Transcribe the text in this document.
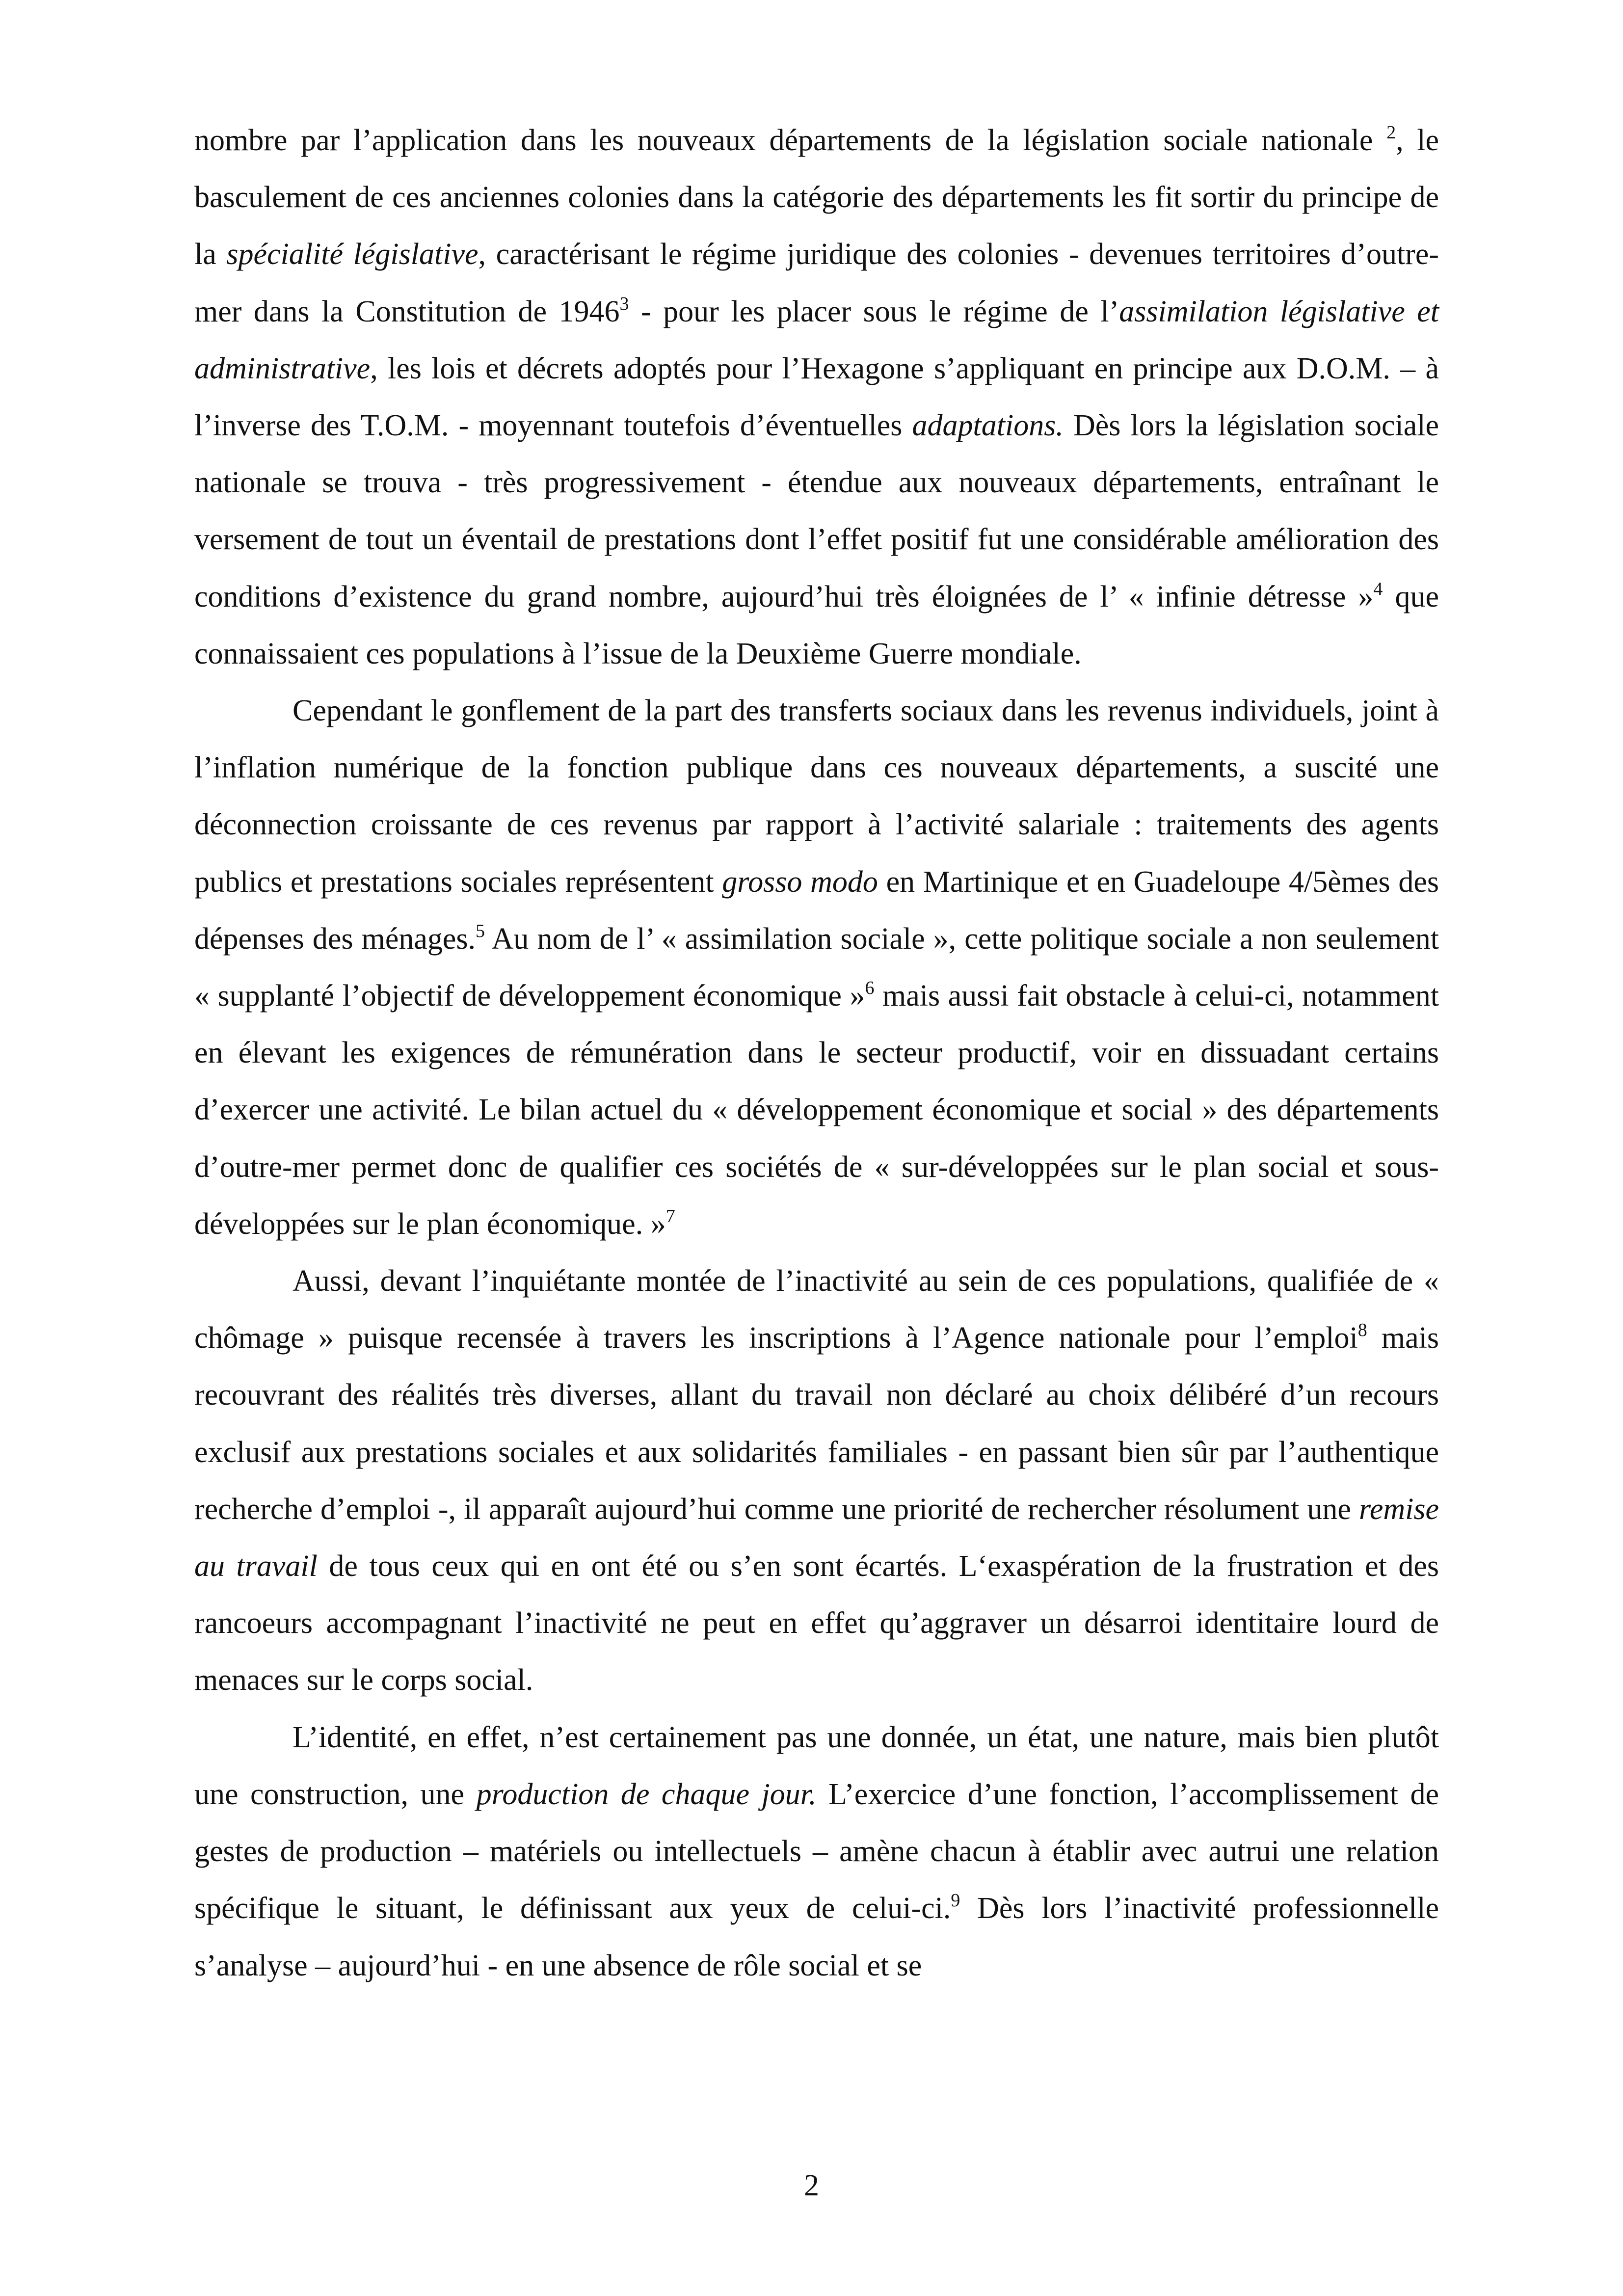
nombre par l’application dans les nouveaux départements de la législation sociale nationale $^2$, le basculement de ces anciennes colonies dans la catégorie des départements les fit sortir du principe de la spécialité législative, caractérisant le régime juridique des colonies - devenues territoires d’outre-mer dans la Constitution de 1946$^3$ - pour les placer sous le régime de l’assimilation législative et administrative, les lois et décrets adoptés pour l’Hexagone s’appliquant en principe aux D.O.M. – à l’inverse des T.O.M. - moyennant toutefois d’éventuelles adaptations. Dès lors la législation sociale nationale se trouva - très progressivement - étendue aux nouveaux départements, entraînant le versement de tout un éventail de prestations dont l’effet positif fut une considérable amélioration des conditions d’existence du grand nombre, aujourd’hui très éloignées de l’ « infinie détresse »$^4$ que connaissaient ces populations à l’issue de la Deuxième Guerre mondiale.

Cependant le gonflement de la part des transferts sociaux dans les revenus individuels, joint à l’inflation numérique de la fonction publique dans ces nouveaux départements, a suscité une déconnection croissante de ces revenus par rapport à l’activité salariale : traitements des agents publics et prestations sociales représentent grosso modo en Martinique et en Guadeloupe 4/5èmes des dépenses des ménages.$^5$ Au nom de l’ « assimilation sociale », cette politique sociale a non seulement « supplanté l’objectif de développement économique »$^6$ mais aussi fait obstacle à celui-ci, notamment en élevant les exigences de rémunération dans le secteur productif, voir en dissuadant certains d’exercer une activité. Le bilan actuel du « développement économique et social » des départements d’outre-mer permet donc de qualifier ces sociétés de « sur-développées sur le plan social et sous-développées sur le plan économique. »$^7$

Aussi, devant l’inquiétante montée de l’inactivité au sein de ces populations, qualifiée de « chômage » puisque recensée à travers les inscriptions à l’Agence nationale pour l’emploi$^8$ mais recouvrant des réalités très diverses, allant du travail non déclaré au choix délibéré d’un recours exclusif aux prestations sociales et aux solidarités familiales - en passant bien sûr par l’authentique recherche d’emploi -, il apparaît aujourd’hui comme une priorité de rechercher résolument une remise au travail de tous ceux qui en ont été ou s’en sont écartés. L‘exaspération de la frustration et des rancoeurs accompagnant l’inactivité ne peut en effet qu’aggraver un désarroi identitaire lourd de menaces sur le corps social.

L’identité, en effet, n’est certainement pas une donnée, un état, une nature, mais bien plutôt une construction, une production de chaque jour. L’exercice d’une fonction, l’accomplissement de gestes de production – matériels ou intellectuels – amène chacun à établir avec autrui une relation spécifique le situant, le définissant aux yeux de celui-ci.$^9$ Dès lors l’inactivité professionnelle s’analyse – aujourd’hui - en une absence de rôle social et se

2
